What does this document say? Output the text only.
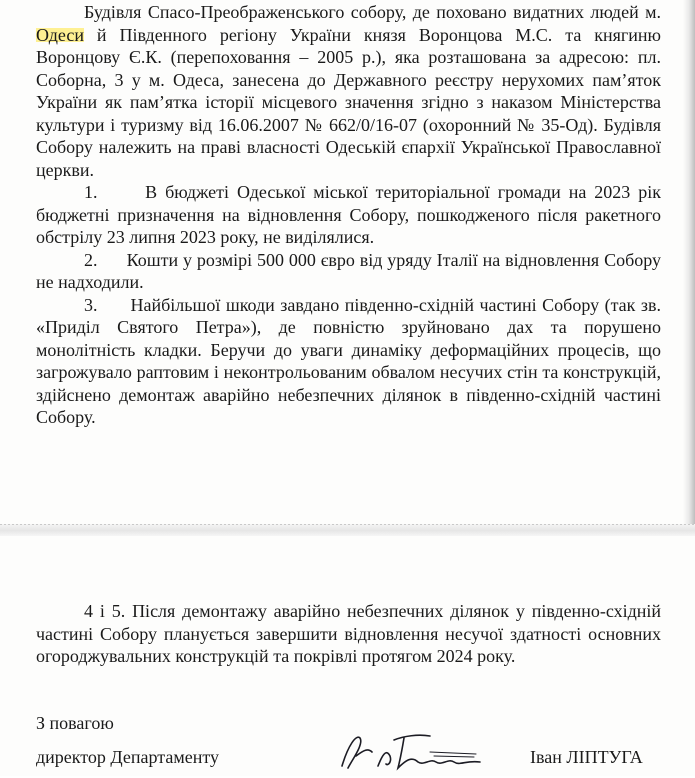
Будівля Спасо-Преображенського собору, де поховано видатних людей м. Одеси й Південного регіону України князя Воронцова М.С. та княгиню Воронцову Є.К. (перепоховання – 2005 р.), яка розташована за адресою: пл. Соборна, 3 у м. Одеса, занесена до Державного реєстру нерухомих пам’яток України як пам’ятка історії місцевого значення згідно з наказом Міністерства культури і туризму від 16.06.2007 № 662/0/16-07 (охоронний № 35-Од). Будівля Собору належить на праві власності Одеській єпархії Української Православної церкви.

1.	В бюджеті Одеської міської територіальної громади на 2023 рік бюджетні призначення на відновлення Собору, пошкодженого після ракетного обстрілу 23 липня 2023 року, не виділялися.

2. Кошти у розмірі 500 000 євро від уряду Італії на відновлення Собору не надходили.

3. Найбільшої шкоди завдано південно-східній частині Собору (так зв. «Приділ Святого Петра»), де повністю зруйновано дах та порушено монолітність кладки. Беручи до уваги динаміку деформаційних процесів, що загрожувало раптовим і неконтрольованим обвалом несучих стін та конструкцій, здійснено демонтаж аварійно небезпечних ділянок в південно-східній частині Собору.

4 і 5. Після демонтажу аварійно небезпечних ділянок у південно-східній частині Собору планується завершити відновлення несучої здатності основних огороджувальних конструкцій та покрівлі протягом 2024 року.

З повагою
директор Департаменту	Іван ЛІПТУГА
